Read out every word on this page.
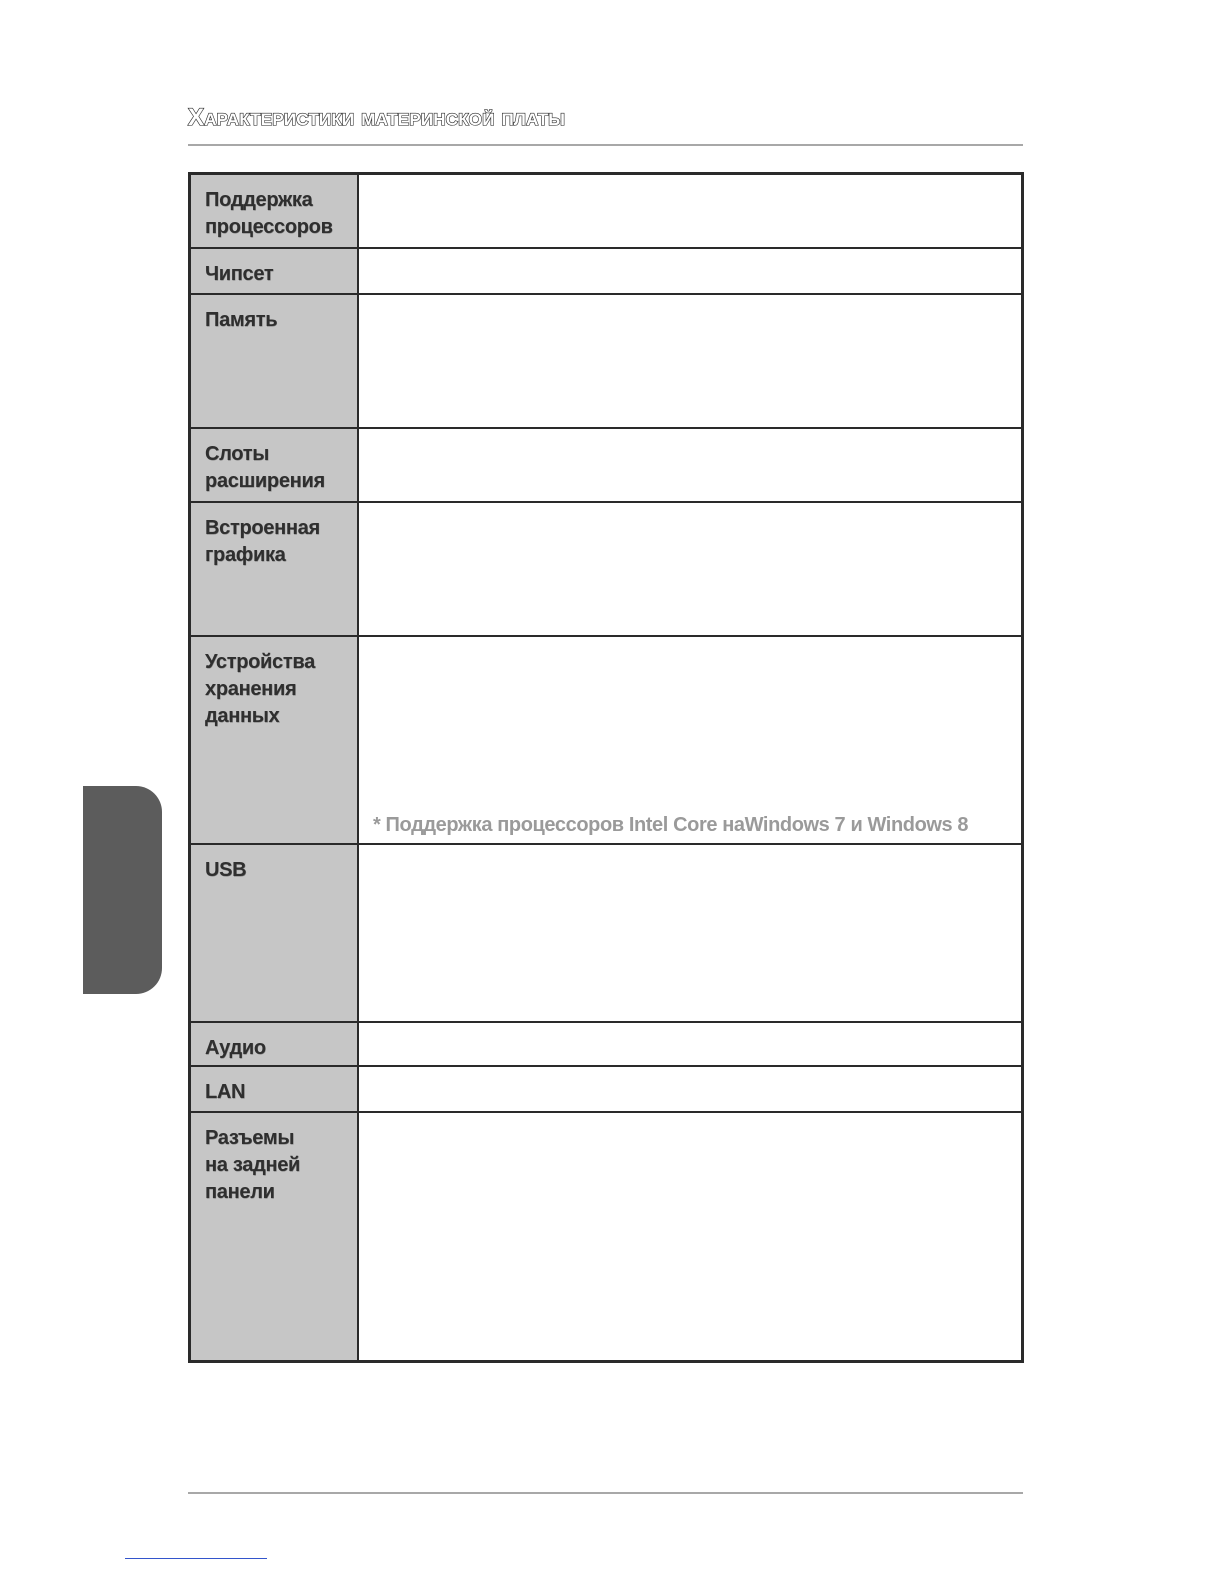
Характеристики материнской платы
Поддержка
процессоров	

Чипсет	

Память	

Слоты
расширения	

Встроенная
графика	

Устройства
хранения
данных	* Поддержка процессоров Intel Core наWindows 7 и Windows 8

USB	

Аудио	

LAN	

Разъемы
на задней
панели	
